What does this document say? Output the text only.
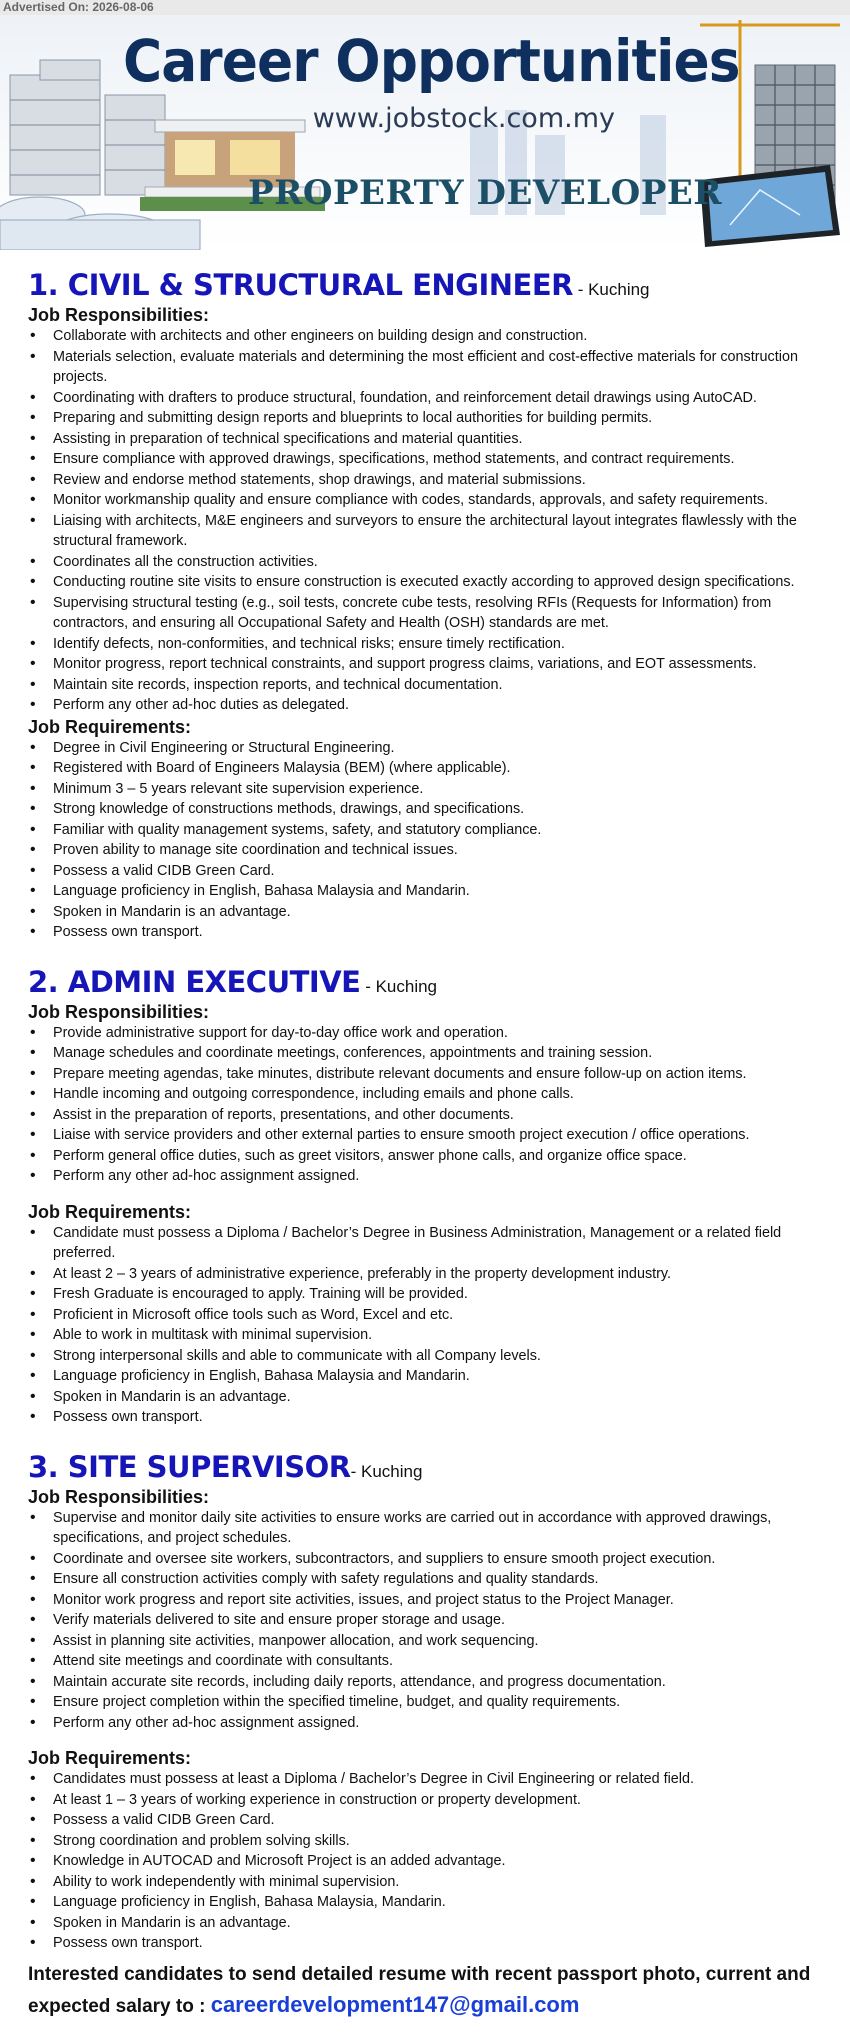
Advertised On: 2026-08-06
Career Opportunities
www.jobstock.com.my
PROPERTY DEVELOPER
1. CIVIL & STRUCTURAL ENGINEER - Kuching
Job Responsibilities:
• Collaborate with architects and other engineers on building design and construction.
• Materials selection, evaluate materials and determining the most efficient and cost-effective materials for construction projects.
• Coordinating with drafters to produce structural, foundation, and reinforcement detail drawings using AutoCAD.
• Preparing and submitting design reports and blueprints to local authorities for building permits.
• Assisting in preparation of technical specifications and material quantities.
• Ensure compliance with approved drawings, specifications, method statements, and contract requirements.
• Review and endorse method statements, shop drawings, and material submissions.
• Monitor workmanship quality and ensure compliance with codes, standards, approvals, and safety requirements.
• Liaising with architects, M&E engineers and surveyors to ensure the architectural layout integrates flawlessly with the structural framework.
• Coordinates all the construction activities.
• Conducting routine site visits to ensure construction is executed exactly according to approved design specifications.
• Supervising structural testing (e.g., soil tests, concrete cube tests, resolving RFIs (Requests for Information) from contractors, and ensuring all Occupational Safety and Health (OSH) standards are met.
• Identify defects, non-conformities, and technical risks; ensure timely rectification.
• Monitor progress, report technical constraints, and support progress claims, variations, and EOT assessments.
• Maintain site records, inspection reports, and technical documentation.
• Perform any other ad-hoc duties as delegated.
Job Requirements:
• Degree in Civil Engineering or Structural Engineering.
• Registered with Board of Engineers Malaysia (BEM) (where applicable).
• Minimum 3 – 5 years relevant site supervision experience.
• Strong knowledge of constructions methods, drawings, and specifications.
• Familiar with quality management systems, safety, and statutory compliance.
• Proven ability to manage site coordination and technical issues.
• Possess a valid CIDB Green Card.
• Language proficiency in English, Bahasa Malaysia and Mandarin.
• Spoken in Mandarin is an advantage.
• Possess own transport.
2. ADMIN EXECUTIVE - Kuching
Job Responsibilities:
• Provide administrative support for day-to-day office work and operation.
• Manage schedules and coordinate meetings, conferences, appointments and training session.
• Prepare meeting agendas, take minutes, distribute relevant documents and ensure follow-up on action items.
• Handle incoming and outgoing correspondence, including emails and phone calls.
• Assist in the preparation of reports, presentations, and other documents.
• Liaise with service providers and other external parties to ensure smooth project execution / office operations.
• Perform general office duties, such as greet visitors, answer phone calls, and organize office space.
• Perform any other ad-hoc assignment assigned.
Job Requirements:
• Candidate must possess a Diploma / Bachelor’s Degree in Business Administration, Management or a related field preferred.
• At least 2 – 3 years of administrative experience, preferably in the property development industry.
• Fresh Graduate is encouraged to apply. Training will be provided.
• Proficient in Microsoft office tools such as Word, Excel and etc.
• Able to work in multitask with minimal supervision.
• Strong interpersonal skills and able to communicate with all Company levels.
• Language proficiency in English, Bahasa Malaysia and Mandarin.
• Spoken in Mandarin is an advantage.
• Possess own transport.
3. SITE SUPERVISOR- Kuching
Job Responsibilities:
• Supervise and monitor daily site activities to ensure works are carried out in accordance with approved drawings, specifications, and project schedules.
• Coordinate and oversee site workers, subcontractors, and suppliers to ensure smooth project execution.
• Ensure all construction activities comply with safety regulations and quality standards.
• Monitor work progress and report site activities, issues, and project status to the Project Manager.
• Verify materials delivered to site and ensure proper storage and usage.
• Assist in planning site activities, manpower allocation, and work sequencing.
• Attend site meetings and coordinate with consultants.
• Maintain accurate site records, including daily reports, attendance, and progress documentation.
• Ensure project completion within the specified timeline, budget, and quality requirements.
• Perform any other ad-hoc assignment assigned.
Job Requirements:
• Candidates must possess at least a Diploma / Bachelor’s Degree in Civil Engineering or related field.
• At least 1 – 3 years of working experience in construction or property development.
• Possess a valid CIDB Green Card.
• Strong coordination and problem solving skills.
• Knowledge in AUTOCAD and Microsoft Project is an added advantage.
• Ability to work independently with minimal supervision.
• Language proficiency in English, Bahasa Malaysia, Mandarin.
• Spoken in Mandarin is an advantage.
• Possess own transport.
Interested candidates to send detailed resume with recent passport photo, current and
expected salary to : careerdevelopment147@gmail.com
